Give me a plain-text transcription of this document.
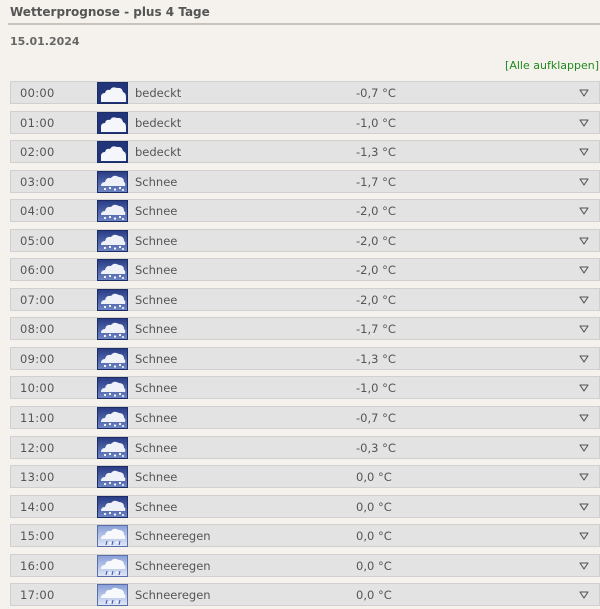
Wetterprognose - plus 4 Tage
15.01.2024
[Alle aufklappen]
00:00	bedeckt	-0,7 °C
01:00	bedeckt	-1,0 °C
02:00	bedeckt	-1,3 °C
03:00	Schnee	-1,7 °C
04:00	Schnee	-2,0 °C
05:00	Schnee	-2,0 °C
06:00	Schnee	-2,0 °C
07:00	Schnee	-2,0 °C
08:00	Schnee	-1,7 °C
09:00	Schnee	-1,3 °C
10:00	Schnee	-1,0 °C
11:00	Schnee	-0,7 °C
12:00	Schnee	-0,3 °C
13:00	Schnee	0,0 °C
14:00	Schnee	0,0 °C
15:00	Schneeregen	0,0 °C
16:00	Schneeregen	0,0 °C
17:00	Schneeregen	0,0 °C
